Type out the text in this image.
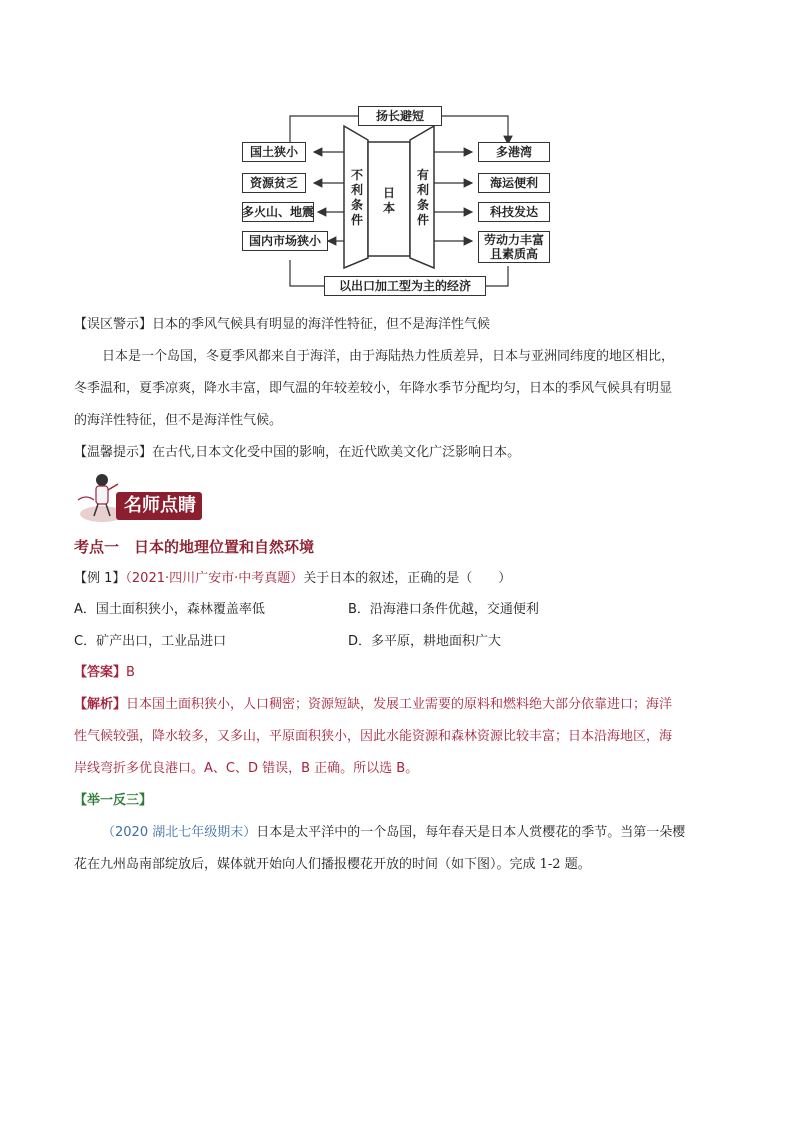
扬长避短
以出口加工型为主的经济
不利条件
日本
有利条件
国土狭小
资源贫乏
多火山、地震
国内市场狭小
多港湾
海运便利
科技发达
劳动力丰富
且素质高
【误区警示】日本的季风气候具有明显的海洋性特征，但不是海洋性气候
日本是一个岛国，冬夏季风都来自于海洋，由于海陆热力性质差异，日本与亚洲同纬度的地区相比，
冬季温和，夏季凉爽，降水丰富，即气温的年较差较小，年降水季节分配均匀，日本的季风气候具有明显
的海洋性特征，但不是海洋性气候。
【温馨提示】在古代,日本文化受中国的影响，在近代欧美文化广泛影响日本。
名师点睛
考点一　日本的地理位置和自然环境
【例 1】（2021·四川广安市·中考真题）关于日本的叙述，正确的是（　　）
A．国土面积狭小，森林覆盖率低	B．沿海港口条件优越，交通便利
C．矿产出口，工业品进口	D．多平原，耕地面积广大
【答案】B
【解析】日本国土面积狭小，人口稠密；资源短缺，发展工业需要的原料和燃料绝大部分依靠进口；海洋
性气候较强，降水较多，又多山，平原面积狭小，因此水能资源和森林资源比较丰富；日本沿海地区，海
岸线弯折多优良港口。A、C、D 错误，B 正确。所以选 B。
【举一反三】
（2020 湖北七年级期末）日本是太平洋中的一个岛国，每年春天是日本人赏樱花的季节。当第一朵樱
花在九州岛南部绽放后，媒体就开始向人们播报樱花开放的时间（如下图）。完成 1-2 题。
